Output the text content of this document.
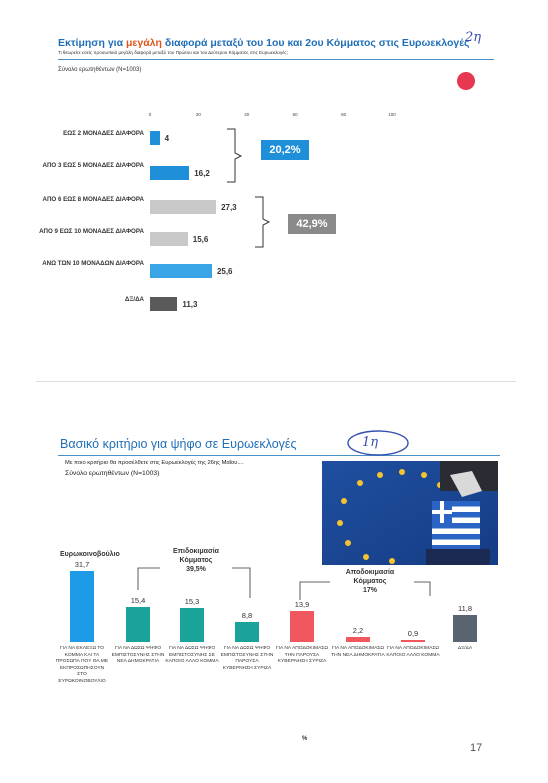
Εκτίμηση για μεγάλη διαφορά μεταξύ του 1ου και 2ου Κόμματος στις Ευρωεκλογές
2η
Τι θεωρείτε εσείς προσωπικά μεγάλη διαφορά μεταξύ του Πρώτου και του Δεύτερου Κόμματος στις Ευρωεκλογές;
Σύνολο ερωτηθέντων (N=1003)
0	20	40	60	80	100
ΕΩΣ 2 ΜΟΝΑΔΕΣ ΔΙΑΦΟΡΑ
4
ΑΠΟ 3 ΕΩΣ 5 ΜΟΝΑΔΕΣ ΔΙΑΦΟΡΑ
16,2
ΑΠΟ 6 ΕΩΣ 8 ΜΟΝΑΔΕΣ ΔΙΑΦΟΡΑ
27,3
ΑΠΟ 9 ΕΩΣ 10 ΜΟΝΑΔΕΣ ΔΙΑΦΟΡΑ
15,6
ΑΝΩ ΤΩΝ 10 ΜΟΝΑΔΩΝ ΔΙΑΦΟΡΑ
25,6
ΔΞ/ΔΑ
11,3
20,2%
42,9%
Βασικό κριτήριο για ψήφο σε Ευρωεκλογές	1η
Με ποιο κριτήριο θα προσέλθετε στις Ευρωεκλογές της 26ης Μαΐου....
Σύνολο ερωτηθέντων (N=1003)
Ευρωκοινοβούλιο	Επιδοκιμασία
Κόμματος
39,5%	Αποδοκιμασία
Κόμματος
17%
31,7
ΓΙΑ ΝΑ ΕΚΛΕΞΩ ΤΟ ΚΟΜΜΑ ΚΑΙ ΤΑ ΠΡΟΣΩΠΑ ΠΟΥ ΘΑ ΜΕ ΕΚΠΡΟΣΩΠΗΣΟΥΝ ΣΤΟ ΕΥΡΩΚΟΙΝΟΒΟΥΛΙΟ
15,4
ΓΙΑ ΝΑ ΔΩΣΩ ΨΗΦΟ ΕΜΠΙΣΤΟΣΥΝΗΣ ΣΤΗΝ ΝΕΑ ΔΗΜΟΚΡΑΤΙΑ
15,3
ΓΙΑ ΝΑ ΔΩΣΩ ΨΗΦΟ ΕΜΠΙΣΤΟΣΥΝΗΣ ΣΕ ΚΑΠΟΙΟ ΑΛΛΟ ΚΟΜΜΑ
8,8
ΓΙΑ ΝΑ ΔΩΣΩ ΨΗΦΟ ΕΜΠΙΣΤΟΣΥΝΗΣ ΣΤΗΝ ΠΑΡΟΥΣΑ ΚΥΒΕΡΝΗΣΗ ΣΥΡΙΖΑ
13,9
ΓΙΑ ΝΑ ΑΠΟΔΟΚΙΜΑΣΩ ΤΗΝ ΠΑΡΟΥΣΑ ΚΥΒΕΡΝΗΣΗ ΣΥΡΙΖΑ
2,2
ΓΙΑ ΝΑ ΑΠΟΔΟΚΙΜΑΣΩ ΤΗΝ ΝΕΑ ΔΗΜΟΚΡΑΤΙΑ
0,9
ΓΙΑ ΝΑ ΑΠΟΔΟΚΙΜΑΣΩ ΚΑΠΟΙΟ ΑΛΛΟ ΚΟΜΜΑ
11,8
ΔΞ/ΔΑ
%
17
